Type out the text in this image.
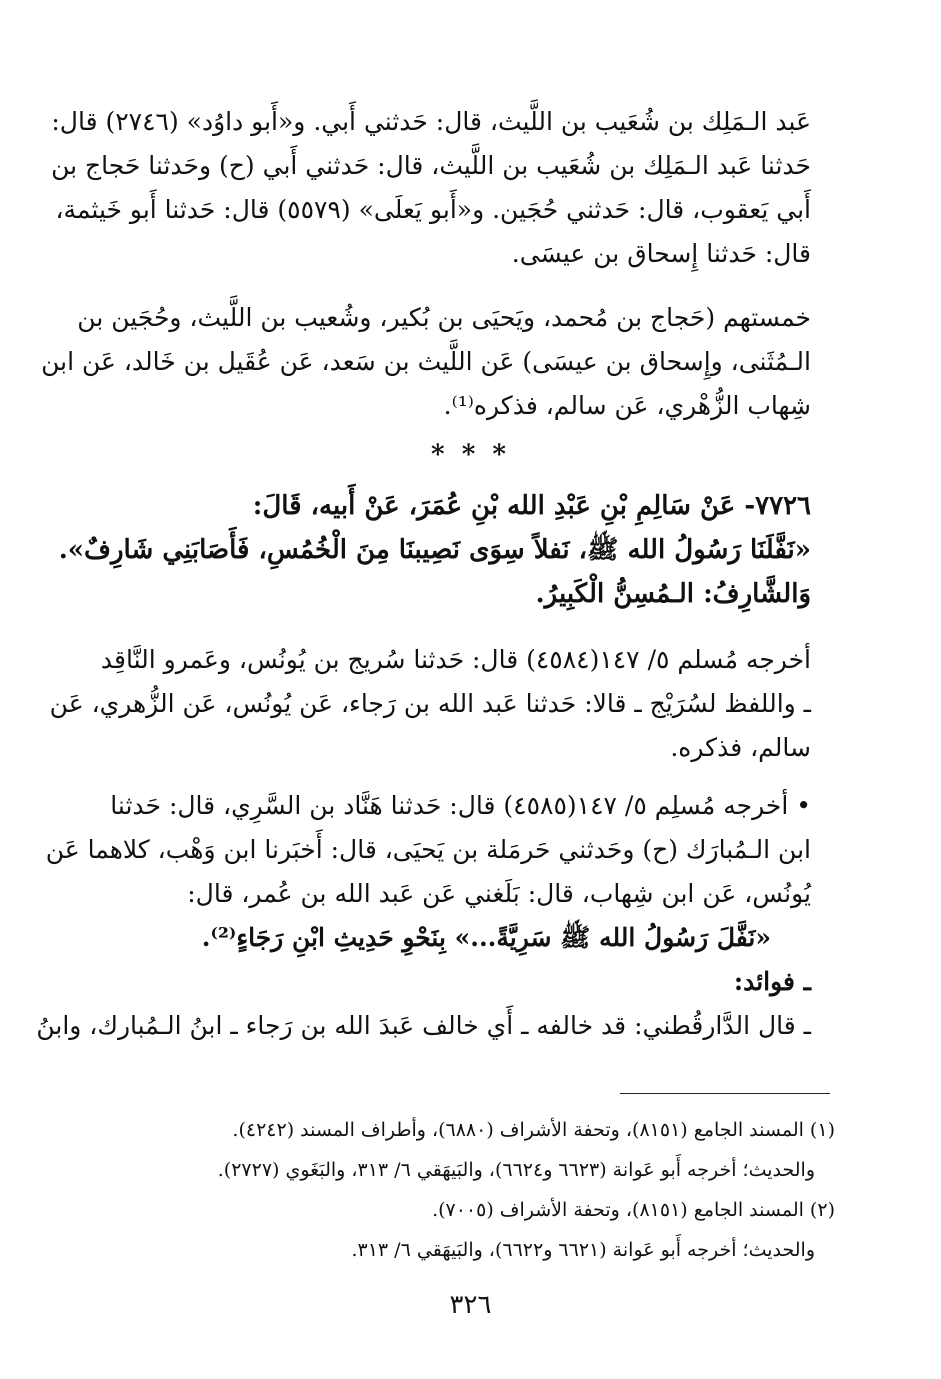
عَبد الـمَلِك بن شُعَيب بن اللَّيث، قال: حَدثني أَبي. و«أَبو داوُد» (٢٧٤٦) قال:
حَدثنا عَبد الـمَلِك بن شُعَيب بن اللَّيث، قال: حَدثني أَبي (ح) وحَدثنا حَجاج بن
أَبي يَعقوب، قال: حَدثني حُجَين. و«أَبو يَعلَى» (٥٥٧٩) قال: حَدثنا أَبو خَيثمة،
قال: حَدثنا إِسحاق بن عيسَى.
خمستهم (حَجاج بن مُحمد، ويَحيَى بن بُكير، وشُعيب بن اللَّيث، وحُجَين بن
الـمُثَنى، وإِسحاق بن عيسَى) عَن اللَّيث بن سَعد، عَن عُقَيل بن خَالد، عَن ابن
شِهاب الزُّهْري، عَن سالم، فذكره⁽¹⁾.
* * *
٧٧٢٦- عَنْ سَالِمِ بْنِ عَبْدِ الله بْنِ عُمَرَ، عَنْ أَبيه، قَالَ:
«نَفَّلَنَا رَسُولُ الله ﷺ، نَفلاً سِوَى نَصِيبنَا مِنَ الْخُمُسِ، فَأَصَابَنِي شَارِفٌ».
وَالشَّارِفُ: الـمُسِنُّ الْكَبِيرُ.
أخرجه مُسلم ٥/ ١٤٧(٤٥٨٤) قال: حَدثنا سُريج بن يُونُس، وعَمرو النَّاقِد
ـ واللفظ لسُرَيْج ـ قالا: حَدثنا عَبد الله بن رَجاء، عَن يُونُس، عَن الزُّهري، عَن
سالم، فذكره.
• أخرجه مُسلِم ٥/ ١٤٧(٤٥٨٥) قال: حَدثنا هَنَّاد بن السَّرِي، قال: حَدثنا
ابن الـمُبارَك (ح) وحَدثني حَرمَلة بن يَحيَى، قال: أَخبَرنا ابن وَهْب، كلاهما عَن
يُونُس، عَن ابن شِهاب، قال: بَلَغني عَن عَبد الله بن عُمر، قال:
«نَفَّلَ رَسُولُ الله ﷺ سَرِيَّةً...» بِنَحْوِ حَدِيثِ ابْنِ رَجَاءٍ⁽²⁾.
ـ فوائد:
ـ قال الدَّارقُطني: قد خالفه ـ أَي خالف عَبدَ الله بن رَجاء ـ ابنُ الـمُبارك، وابنُ
(١) المسند الجامع (٨١٥١)، وتحفة الأشراف (٦٨٨٠)، وأطراف المسند (٤٢٤٢).
والحديث؛ أخرجه أَبو عَوانة (٦٦٢٣ و٦٦٢٤)، والبَيهَقي ٦/ ٣١٣، والبَغَوي (٢٧٢٧).
(٢) المسند الجامع (٨١٥١)، وتحفة الأشراف (٧٠٠٥).
والحديث؛ أخرجه أَبو عَوانة (٦٦٢١ و٦٦٢٢)، والبَيهَقي ٦/ ٣١٣.
٣٢٦
